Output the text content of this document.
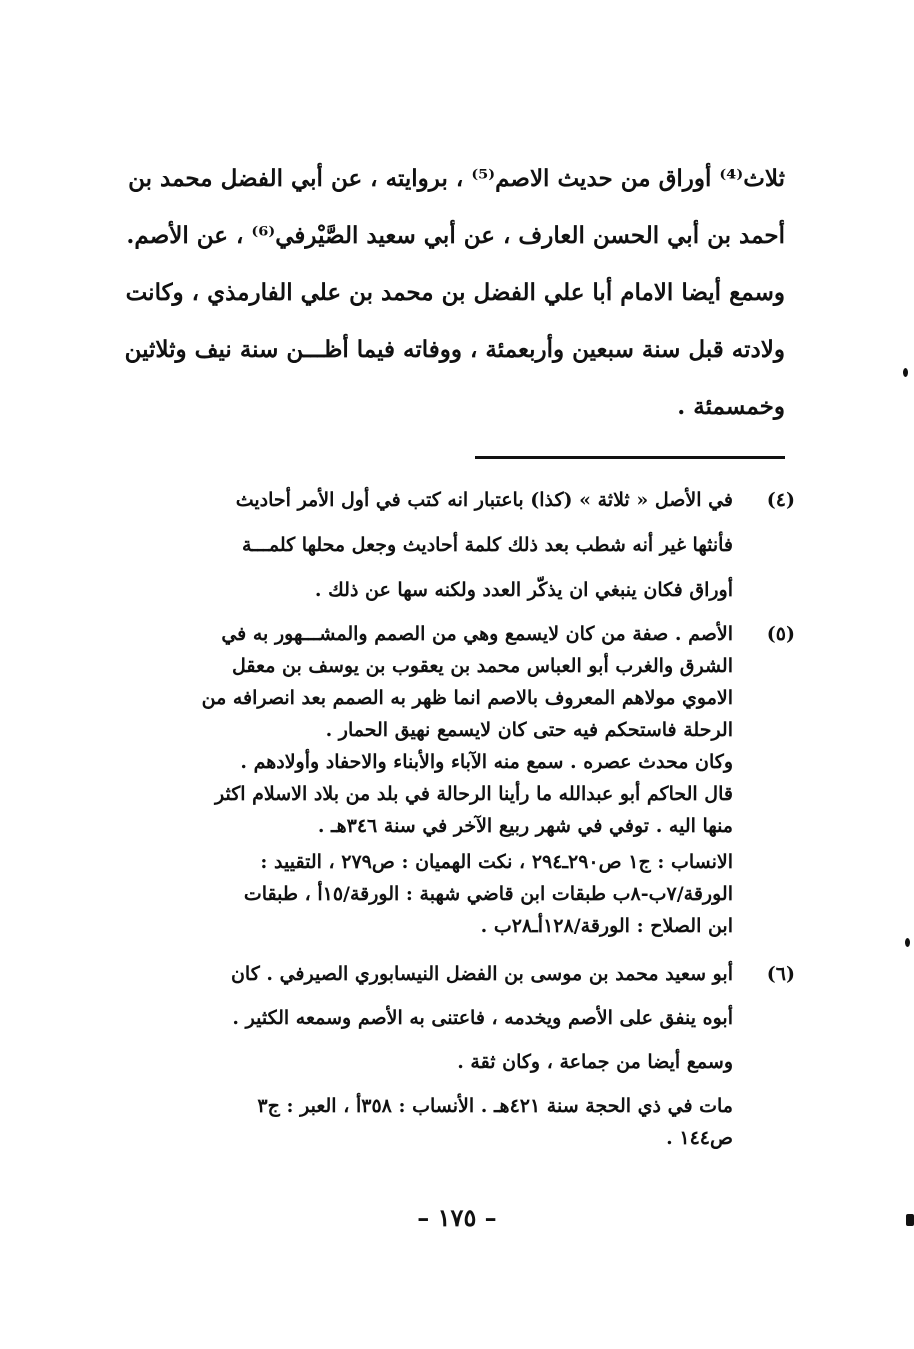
ثلاث⁽⁴⁾ أوراق من حديث الاصم⁽⁵⁾ ، بروايته ، عن أبي الفضل محمد بن
أحمد بن أبي الحسن العارف ، عن أبي سعيد الصَّيْرفي⁽⁶⁾ ، عن الأصم.
وسمع أيضا الامام أبا علي الفضل بن محمد بن علي الفارمذي ، وكانت
ولادته قبل سنة سبعين وأربعمئة ، ووفاته فيما أظـــن سنة نيف وثلاثين
وخمسمئة .
(٤)
في الأصل « ثلاثة » (كذا) باعتبار انه كتب في أول الأمر أحاديث
فأنثها غير أنه شطب بعد ذلك كلمة أحاديث وجعل محلها كلمـــة
أوراق فكان ينبغي ان يذكّر العدد ولكنه سها عن ذلك .
(٥)
الأصم . صفة من كان لايسمع وهي من الصمم والمشـــهور به في
الشرق والغرب أبو العباس محمد بن يعقوب بن يوسف بن معقل
الاموي مولاهم المعروف بالاصم انما ظهر به الصمم بعد انصرافه من
الرحلة فاستحكم فيه حتى كان لايسمع نهيق الحمار .
وكان محدث عصره . سمع منه الآباء والأبناء والاحفاد وأولادهم .
قال الحاكم أبو عبدالله ما رأينا الرحالة في بلد من بلاد الاسلام اكثر
منها اليه . توفي في شهر ربيع الآخر في سنة ٣٤٦هـ .
الانساب : ج١ ص٢٩٠ـ٢٩٤ ، نكت الهميان : ص٢٧٩ ، التقييد :
الورقة/٧ب-٨ب طبقات ابن قاضي شهبة : الورقة/١٥أ ، طبقات
ابن الصلاح : الورقة/١٢٨أـ٢٨ب .
(٦)
أبو سعيد محمد بن موسى بن الفضل النيسابوري الصيرفي . كان
أبوه ينفق على الأصم ويخدمه ، فاعتنى به الأصم وسمعه الكثير .
وسمع أيضا من جماعة ، وكان ثقة .
مات في ذي الحجة سنة ٤٢١هـ . الأنساب : ٣٥٨أ ، العبر : ج٣
ص١٤٤ .
– ١٧٥ –
